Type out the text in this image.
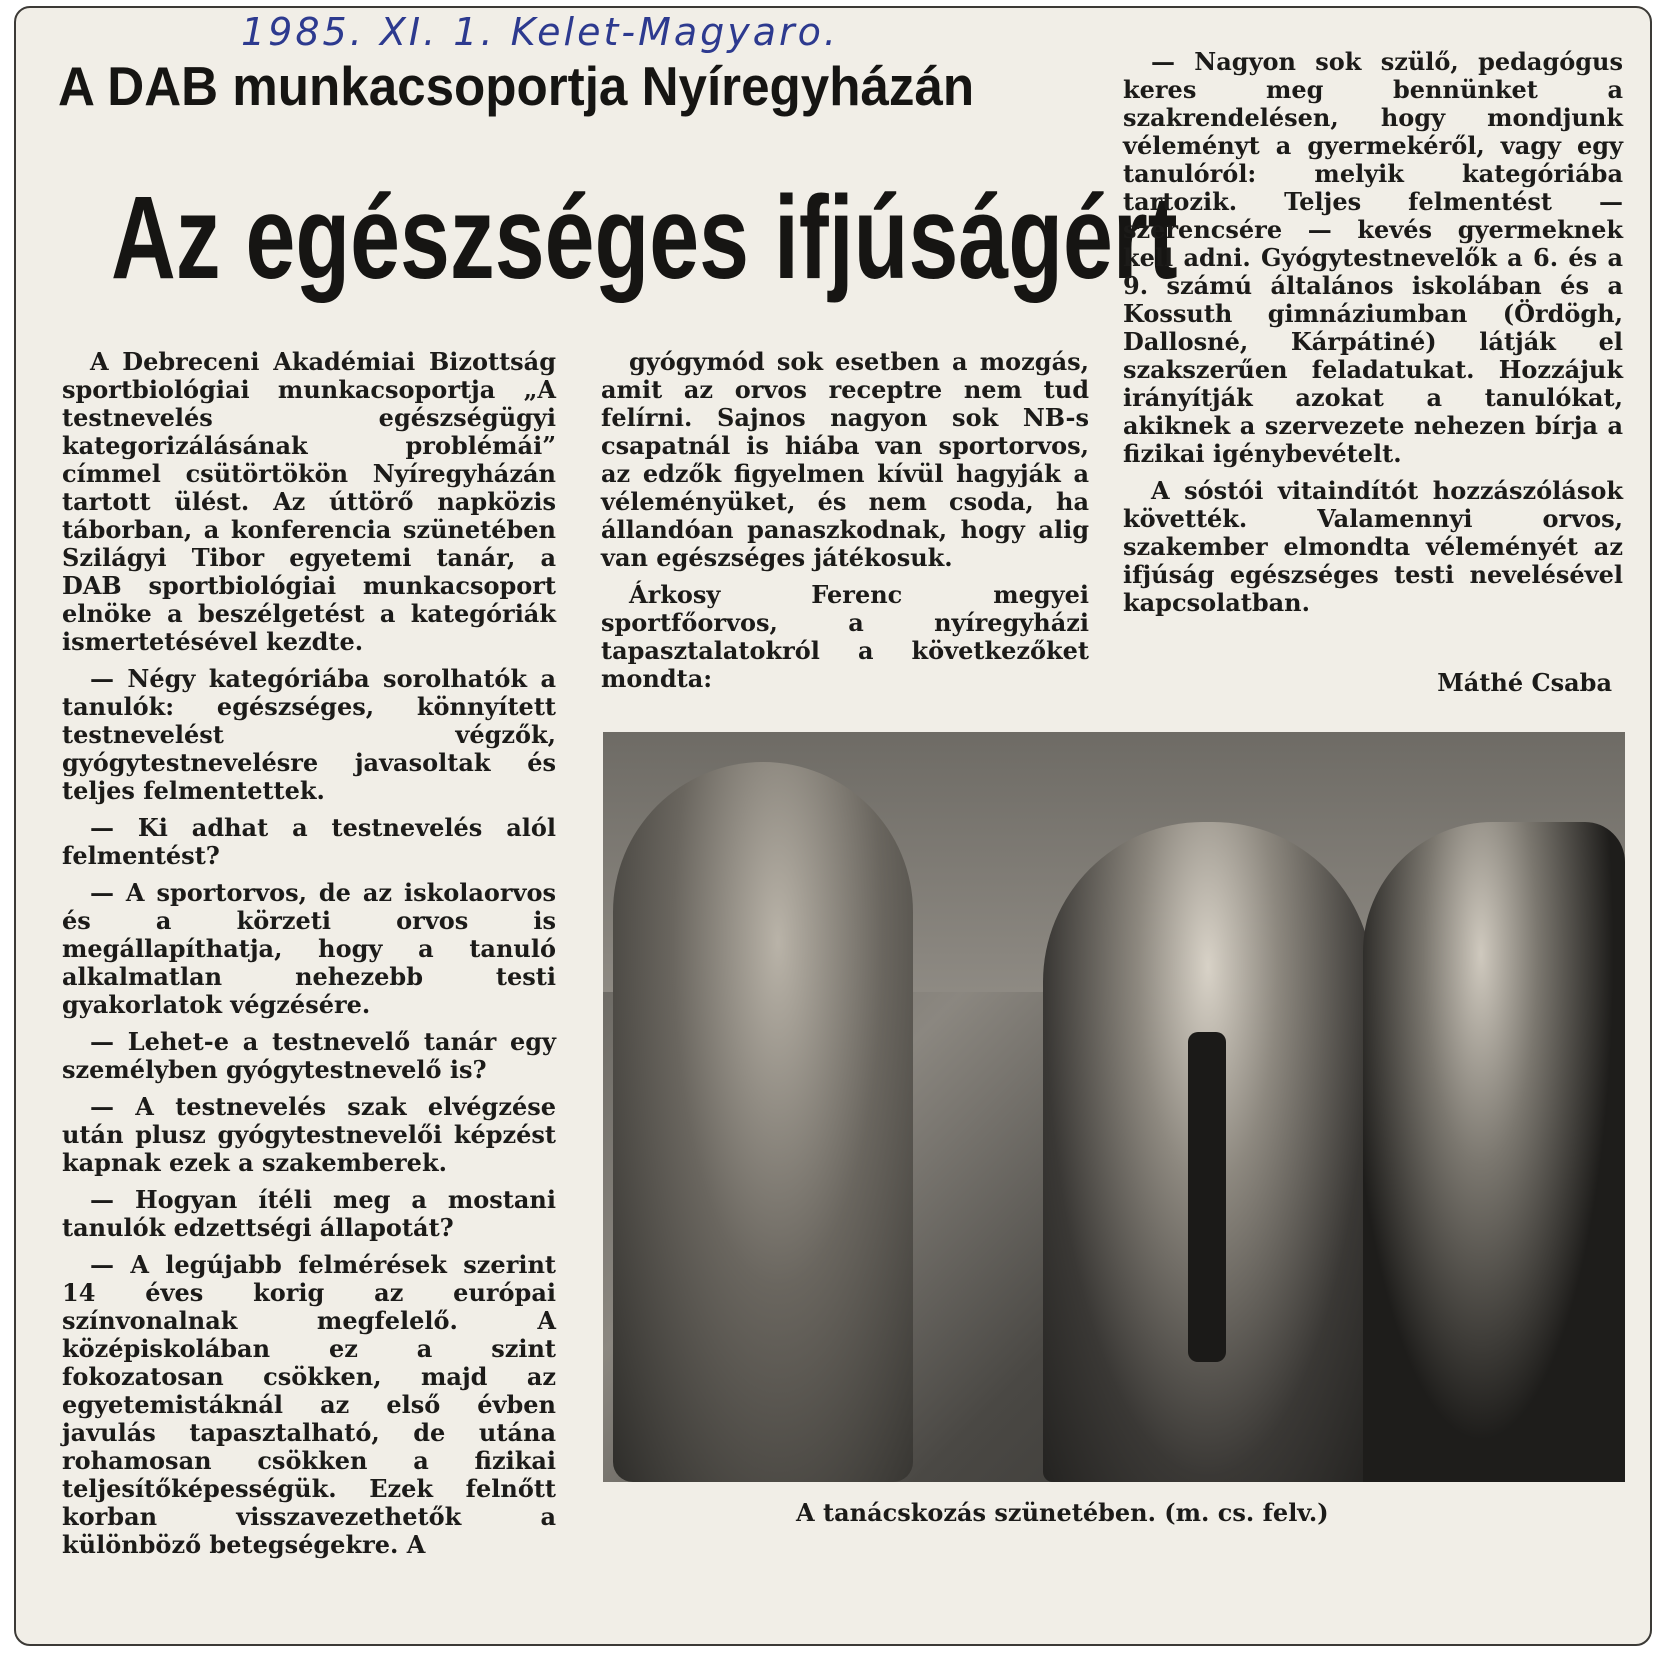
1985. XI. 1. Kelet-Magyaro.
A DAB munkacsoportja Nyíregyházán
Az egészséges ifjúságért

A Debreceni Akadémiai Bizottság sportbiológiai munkacsoportja „A testnevelés egészségügyi kategorizálásának problémái” címmel csütörtökön Nyíregyházán tartott ülést. Az úttörő napközis táborban, a konferencia szünetében Szilágyi Tibor egyetemi tanár, a DAB sportbiológiai munkacsoport elnöke a beszélgetést a kategóriák ismertetésével kezdte.

— Négy kategóriába sorolhatók a tanulók: egészséges, könnyített testnevelést végzők, gyógytestnevelésre javasoltak és teljes felmentettek.

— Ki adhat a testnevelés alól felmentést?

— A sportorvos, de az iskolaorvos és a körzeti orvos is megállapíthatja, hogy a tanuló alkalmatlan nehezebb testi gyakorlatok végzésére.

— Lehet-e a testnevelő tanár egy személyben gyógytestnevelő is?

— A testnevelés szak elvégzése után plusz gyógytestnevelői képzést kapnak ezek a szakemberek.

— Hogyan ítéli meg a mostani tanulók edzettségi állapotát?

— A legújabb felmérések szerint 14 éves korig az európai színvonalnak megfelelő. A középiskolában ez a szint fokozatosan csökken, majd az egyetemistáknál az első évben javulás tapasztalható, de utána rohamosan csökken a fizikai teljesítőképességük. Ezek felnőtt korban visszavezethetők a különböző betegségekre. A

gyógymód sok esetben a mozgás, amit az orvos receptre nem tud felírni. Sajnos nagyon sok NB-s csapatnál is hiába van sportorvos, az edzők figyelmen kívül hagyják a véleményüket, és nem csoda, ha állandóan panaszkodnak, hogy alig van egészséges játékosuk.

Árkosy Ferenc megyei sportfőorvos, a nyíregyházi tapasztalatokról a következőket mondta:

— Nagyon sok szülő, pedagógus keres meg bennünket a szakrendelésen, hogy mondjunk véleményt a gyermekéről, vagy egy tanulóról: melyik kategóriába tartozik. Teljes felmentést — szerencsére — kevés gyermeknek kell adni. Gyógytestnevelők a 6. és a 9. számú általános iskolában és a Kossuth gimnáziumban (Ördögh, Dallosné, Kárpátiné) látják el szakszerűen feladatukat. Hozzájuk irányítják azokat a tanulókat, akiknek a szervezete nehezen bírja a fizikai igénybevételt.

A sóstói vitaindítót hozzászólások követték. Valamennyi orvos, szakember elmondta véleményét az ifjúság egészséges testi nevelésével kapcsolatban.

Máthé Csaba
A tanácskozás szünetében. (m. cs. felv.)
